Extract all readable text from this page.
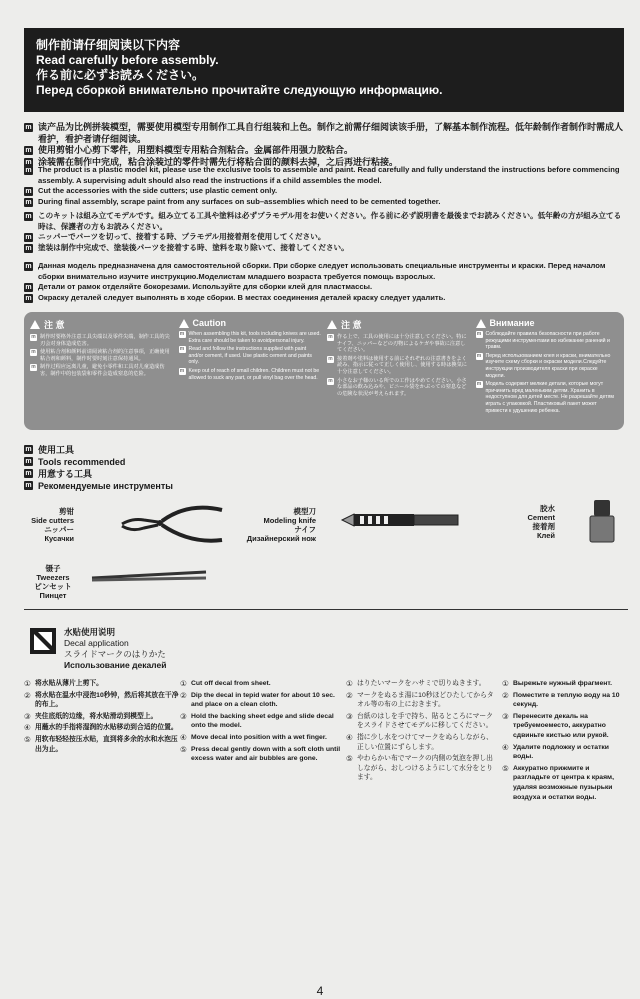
制作前请仔细阅读以下内容
Read carefully before assembly.
作る前に必ずお読みください。
Перед сборкой внимательно прочитайте следующую информацию.
m 读产品为比例拼装模型，需要使用模型专用制作工具自行组装和上色。制作之前需仔细阅读该手册，了解基本制作流程。低年龄制作者制作时需成人看护，看护者请仔细阅读。
m 使用剪钳小心剪下零件，用塑料模型专用粘合剂粘合。金属部件用强力胶粘合。
m 涂装需在制作中完成，粘合涂装过的零件时需先行将粘合面的颜料去掉，之后再进行粘接。
m The product is a plastic model kit, please use the exclusive tools to assemble and paint. Read carefully and fully understand the instructions before commencing assembly. A supervising adult should also read the instructions if a child assembles the model.
m Cut the accessories with the side cutters; use plastic cement only.
m During final assembly, scrape paint from any surfaces on sub–assemblies which need to be cemented together.
m このキットは組み立てモデルです。組み立てる工具や塗料は必ずプラモデル用をお使いください。作る前に必ず説明書を最後までお読みください。低年齢の方が組み立てる時は、保護者の方もお読みください。
m ニッパーでパーツを切って、接着する時、プラモデル用接着剤を使用してください。
m 塗装は制作中完成で、塗装後パーツを接着する時、塗料を取り除いて、接着してください。
m Данная модель предназначена для самостоятельной сборки. При сборке следует использовать специальные инструменты и краски. Перед началом сборки внимательно изучите инструкцию.Моделистам младшего возраста требуется помощь взрослых.
m Детали от рамок отделяйте бокорезами. Используйте для сборки клей для пластмассы.
m Окраску деталей следует выполнять в ходе сборки. В местах соединения деталей краску следует удалить.
注 意
m 制作时要格外注意工具尖端以及零件尖端，制作工具的尖刃会对身体造成危害。
m 使用粘合剂和颜料前请阅读粘合剂的注意事项，正确使用粘合剂和颜料，制作时要时刻注意保持通风。
m 制作过程应远离儿童，避免小零件和工具对儿童造成伤害，制作中的包装袋和零件会造成窒息的危险。
Caution
m When assembling this kit, tools including knives are used. Extra care should be taken to avoidpersonal injury.
m Read and follow the instructions supplied with paint and/or cement, if used. Use plastic cement and paints only.
m Keep out of reach of small children. Children must not be allowed to suck any part, or pull vinyl bag over the head.
注 意
m 作る上で、工具の使用には十分注意してください。特にナイフ、ニッパーなどの刃物によるケガや事故に注意してください。
m 接着剤や塗料は使用する前にそれぞれの注意書きをよく読み、指示に従って正しく使用し、使用する時は換気に十分注意してください。
m 小さなお子様のいる所での工作はやめてください。小さな部品の飲み込みや、ビニール袋をかぶっての窒息などの危険な状況が考えられます。
Внимание
m Соблюдайте правила безопасности при работе режущими инструментами во избежание ранений и травм.
m Перед использованием клея и краски, внимательно изучите схему сборки и окраски модели.Следуйте инструкции производителя краски при окраске модели.
m Модель содержит мелкие детали, которые могут причинить вред маленьким детям. Хранить в недоступном для детей месте. Не разрешайте детям играть с упаковкой. Пластиковый пакет может привести к удушению ребенка.
m 使用工具
m Tools recommended
m 用意する工具
m Рекомендуемые инструменты
剪钳
Side cutters
ニッパー
Кусачки
模型刀
Modeling knife
ナイフ
Дизайнерский нож
胶水
Cement
接着剤
Клей
镊子
Tweezers
ピンセット
Пинцет
水贴使用说明
Decal application
スライドマークのはりかた
Использование декалей
① 将水贴从薄片上剪下。
② 将水贴在温水中浸泡10秒钟，然后将其放在干净的布上。
③ 夹住底纸的边缘，将水贴滑动到模型上。
④ 用蘸水的手指将湿润的水贴移动到合适的位置。
⑤ 用软布轻轻按压水贴，直到将多余的水和水泡压出为止。
① Cut off decal from sheet.
② Dip the decal in tepid water for about 10 sec. and place on a clean cloth.
③ Hold the backing sheet edge and slide decal onto the model.
④ Move decal into position with a wet finger.
⑤ Press decal gently down with a soft cloth until excess water and air bubbles are gone.
① はりたいマークをハサミで切りぬきます。
② マークをぬるま湯に10秒ほどひたしてからタオル等の布の上におきます。
③ 台紙のはしを手で持ち、貼るところにマークをスライドさせてモデルに移してください。
④ 指に少し水をつけてマークをぬらしながら、正しい位置にずらします。
⑤ やわらかい布でマークの内側の気泡を押し出しながら、おしつけるようにして水分をとります。
① Вырежьте нужный фрагмент.
② Поместите в теплую воду на 10 секунд.
③ Перенесите декаль на требуемоеместо, аккуратно сдвиньте кистью или рукой.
④ Удалите подложку и остатки воды.
⑤ Аккуратно прижмите и разгладьте от центра к краям, удаляя возможные пузырьки воздуха и остатки воды.
4
